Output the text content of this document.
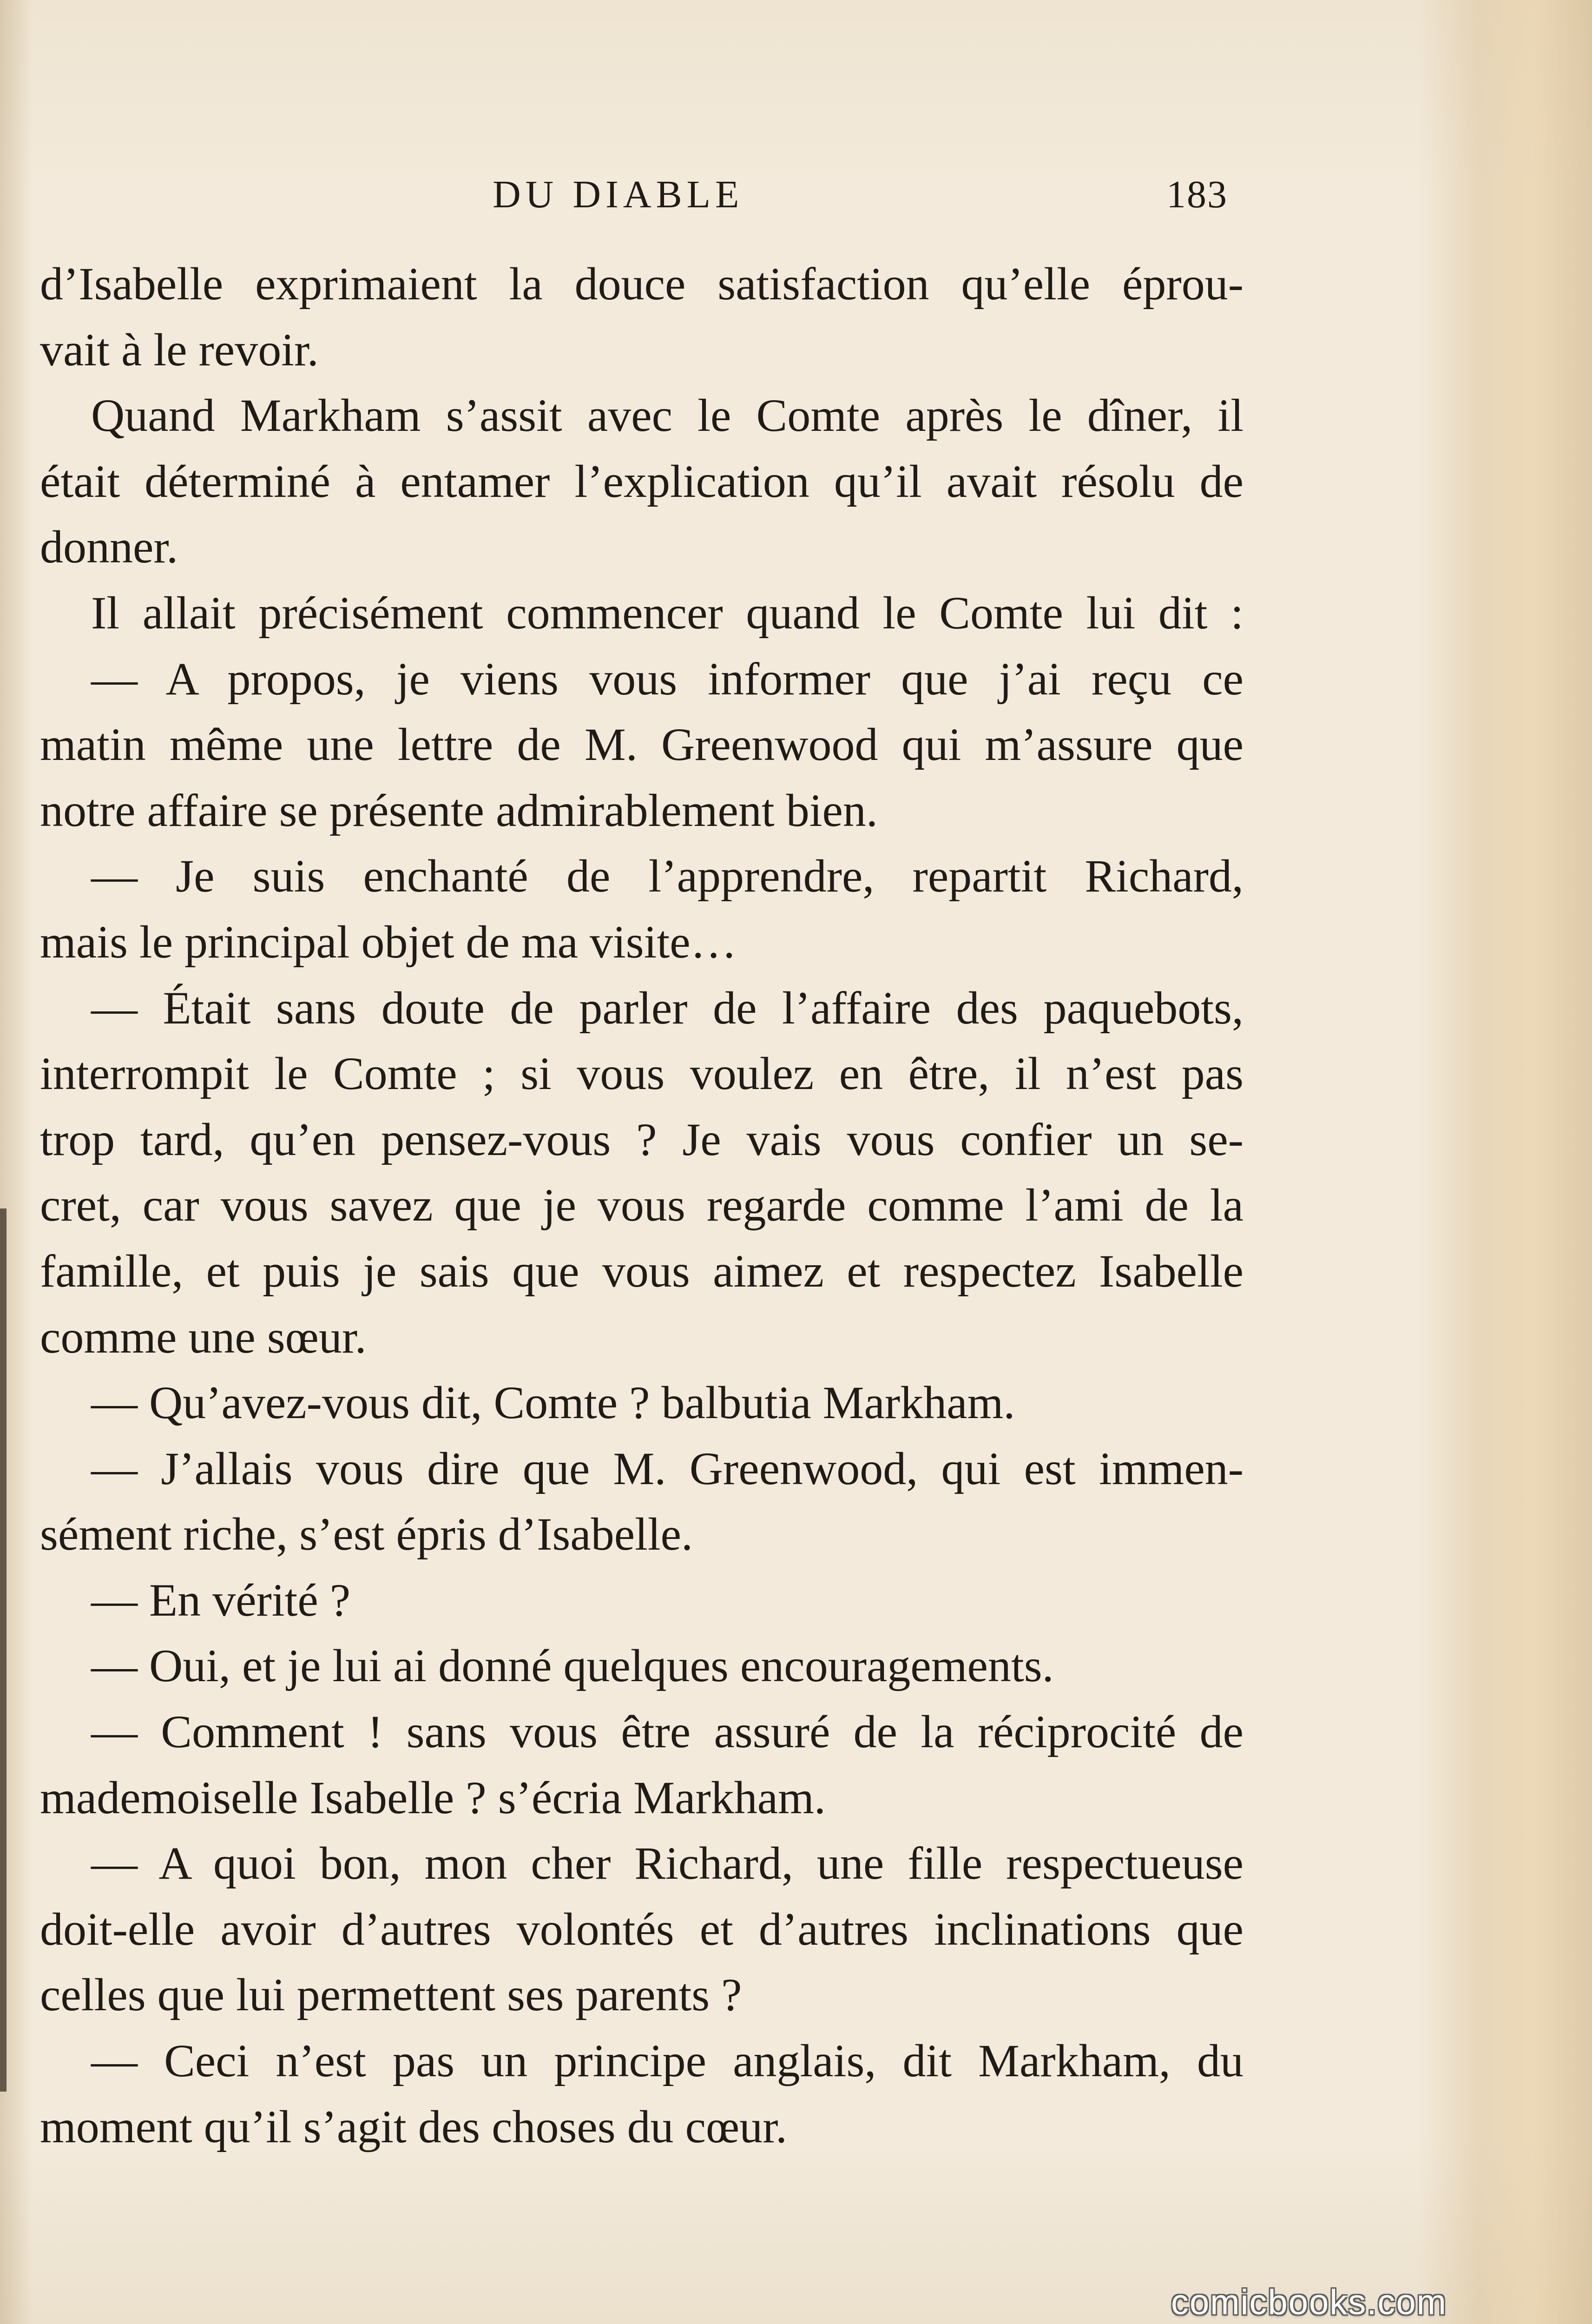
DU DIABLE	183
d’Isabelle exprimaient la douce satisfaction qu’elle éprou-
vait à le revoir.
Quand Markham s’assit avec le Comte après le dîner, il
était déterminé à entamer l’explication qu’il avait résolu de
donner.
Il allait précisément commencer quand le Comte lui dit :
— A propos, je viens vous informer que j’ai reçu ce
matin même une lettre de M. Greenwood qui m’assure que
notre affaire se présente admirablement bien.
— Je suis enchanté de l’apprendre, repartit Richard,
mais le principal objet de ma visite…
— Était sans doute de parler de l’affaire des paquebots,
interrompit le Comte ; si vous voulez en être, il n’est pas
trop tard, qu’en pensez-vous ? Je vais vous confier un se-
cret, car vous savez que je vous regarde comme l’ami de la
famille, et puis je sais que vous aimez et respectez Isabelle
comme une sœur.
— Qu’avez-vous dit, Comte ? balbutia Markham.
— J’allais vous dire que M. Greenwood, qui est immen-
sément riche, s’est épris d’Isabelle.
— En vérité ?
— Oui, et je lui ai donné quelques encouragements.
— Comment ! sans vous être assuré de la réciprocité de
mademoiselle Isabelle ? s’écria Markham.
— A quoi bon, mon cher Richard, une fille respectueuse
doit-elle avoir d’autres volontés et d’autres inclinations que
celles que lui permettent ses parents ?
— Ceci n’est pas un principe anglais, dit Markham, du
moment qu’il s’agit des choses du cœur.
comicbooks.com
